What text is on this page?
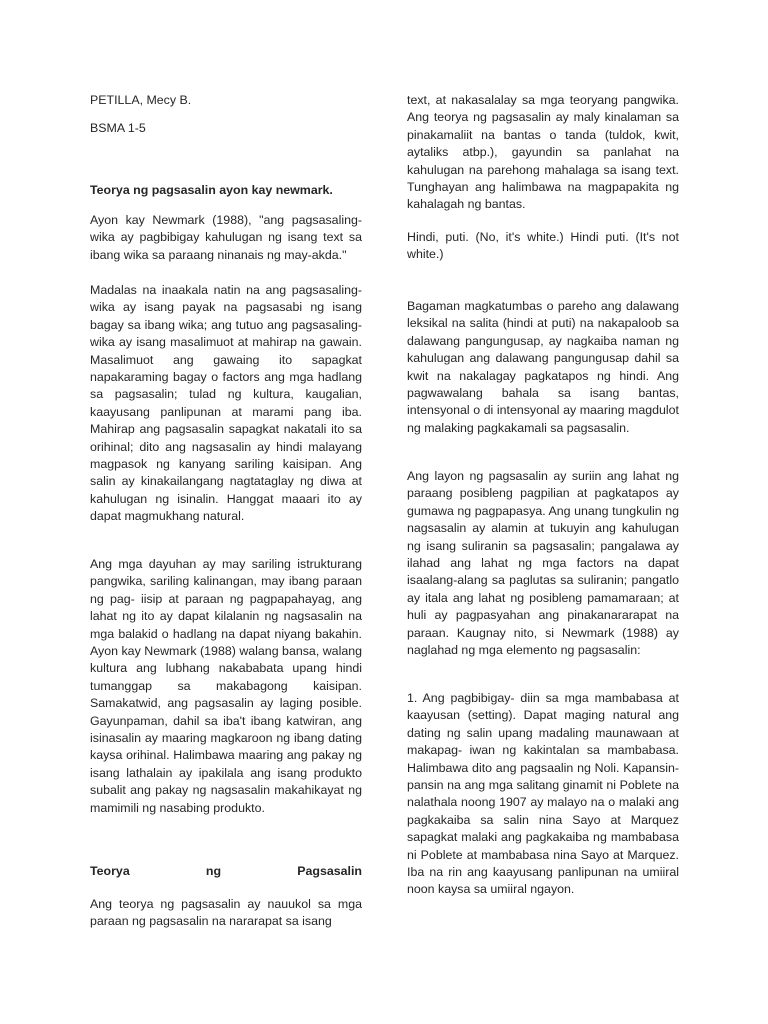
PETILLA, Mecy B.

BSMA 1-5

Teorya ng pagsasalin ayon kay newmark.

Ayon kay Newmark (1988), "ang pagsasaling-wika ay pagbibigay kahulugan ng isang text sa ibang wika sa paraang ninanais ng may-akda."

Madalas na inaakala natin na ang pagsasaling-wika ay isang payak na pagsasabi ng isang bagay sa ibang wika; ang tutuo ang pagsasaling-wika ay isang masalimuot at mahirap na gawain. Masalimuot ang gawaing ito sapagkat napakaraming bagay o factors ang mga hadlang sa pagsasalin; tulad ng kultura, kaugalian, kaayusang panlipunan at marami pang iba. Mahirap ang pagsasalin sapagkat nakatali ito sa orihinal; dito ang nagsasalin ay hindi malayang magpasok ng kanyang sariling kaisipan. Ang salin ay kinakailangang nagtataglay ng diwa at kahulugan ng isinalin. Hanggat maaari ito ay dapat magmukhang natural.

Ang mga dayuhan ay may sariling istrukturang pangwika, sariling kalinangan, may ibang paraan ng pag- iisip at paraan ng pagpapahayag, ang lahat ng ito ay dapat kilalanin ng nagsasalin na mga balakid o hadlang na dapat niyang bakahin. Ayon kay Newmark (1988) walang bansa, walang kultura ang lubhang nakababata upang hindi tumanggap sa makabagong kaisipan. Samakatwid, ang pagsasalin ay laging posible. Gayunpaman, dahil sa iba't ibang katwiran, ang isinasalin ay maaring magkaroon ng ibang dating kaysa orihinal. Halimbawa maaring ang pakay ng isang lathalain ay ipakilala ang isang produkto subalit ang pakay ng nagsasalin makahikayat ng mamimili ng nasabing produkto.

Teorya ng Pagsasalin

Ang teorya ng pagsasalin ay nauukol sa mga paraan ng pagsasalin na nararapat sa isang

text, at nakasalalay sa mga teoryang pangwika. Ang teorya ng pagsasalin ay maly kinalaman sa pinakamaliit na bantas o tanda (tuldok, kwit, aytaliks atbp.), gayundin sa panlahat na kahulugan na parehong mahalaga sa isang text. Tunghayan ang halimbawa na magpapakita ng kahalagah ng bantas.

Hindi, puti. (No, it's white.) Hindi puti. (It's not white.)

Bagaman magkatumbas o pareho ang dalawang leksikal na salita (hindi at puti) na nakapaloob sa dalawang pangungusap, ay nagkaiba naman ng kahulugan ang dalawang pangungusap dahil sa kwit na nakalagay pagkatapos ng hindi. Ang pagwawalang bahala sa isang bantas, intensyonal o di intensyonal ay maaring magdulot ng malaking pagkakamali sa pagsasalin.

Ang layon ng pagsasalin ay suriin ang lahat ng paraang posibleng pagpilian at pagkatapos ay gumawa ng pagpapasya. Ang unang tungkulin ng nagsasalin ay alamin at tukuyin ang kahulugan ng isang suliranin sa pagsasalin; pangalawa ay ilahad ang lahat ng mga factors na dapat isaalang-alang sa paglutas sa suliranin; pangatlo ay itala ang lahat ng posibleng pamamaraan; at huli ay pagpasyahan ang pinakanararapat na paraan. Kaugnay nito, si Newmark (1988) ay naglahad ng mga elemento ng pagsasalin:

1. Ang pagbibigay- diin sa mga mambabasa at kaayusan (setting). Dapat maging natural ang dating ng salin upang madaling maunawaan at makapag- iwan ng kakintalan sa mambabasa. Halimbawa dito ang pagsaalin ng Noli. Kapansin-pansin na ang mga salitang ginamit ni Poblete na nalathala noong 1907 ay malayo na o malaki ang pagkakaiba sa salin nina Sayo at Marquez sapagkat malaki ang pagkakaiba ng mambabasa ni Poblete at mambabasa nina Sayo at Marquez. Iba na rin ang kaayusang panlipunan na umiiral noon kaysa sa umiiral ngayon.
